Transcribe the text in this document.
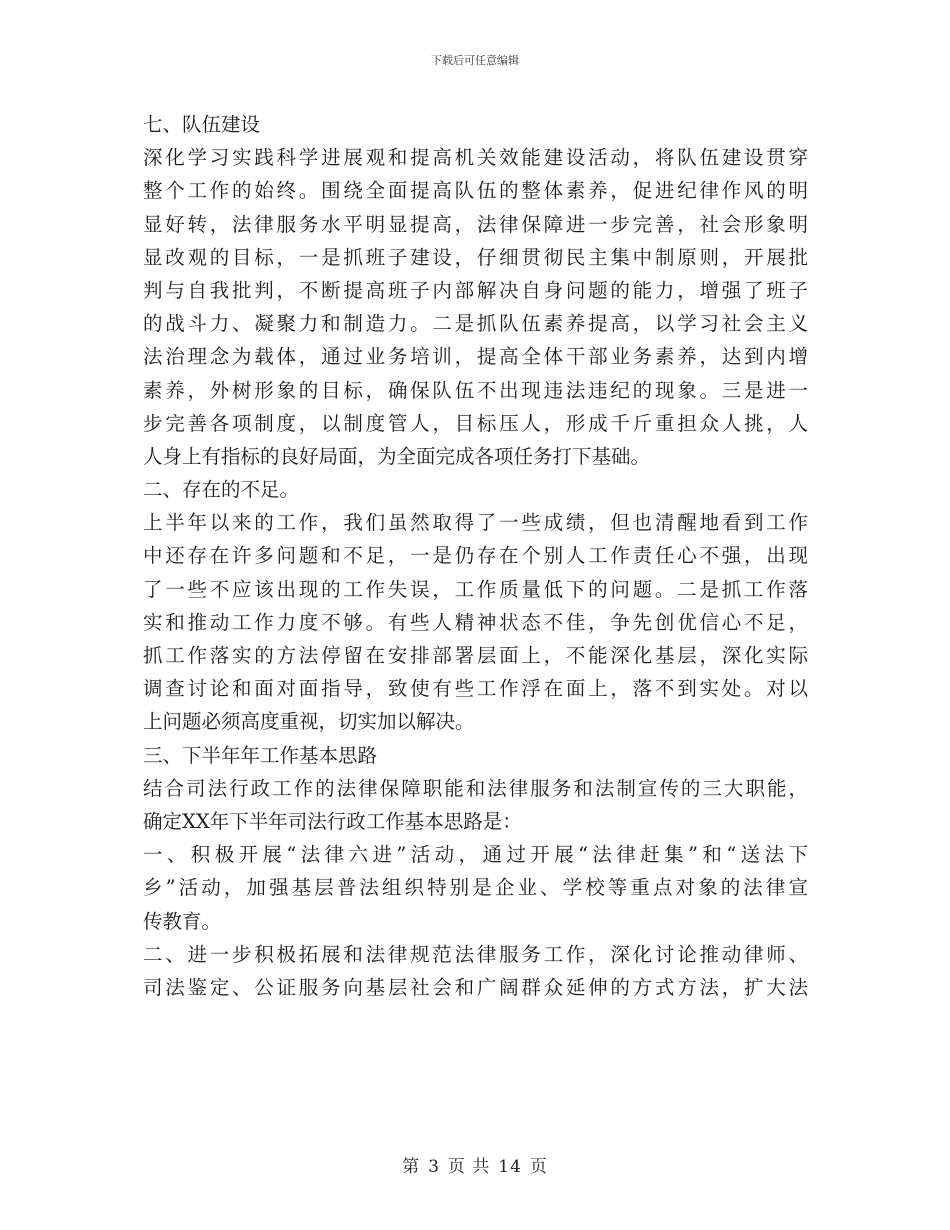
下载后可任意编辑
七、队伍建设
深化学习实践科学进展观和提高机关效能建设活动，将队伍建设贯穿
整个工作的始终。围绕全面提高队伍的整体素养，促进纪律作风的明
显好转，法律服务水平明显提高，法律保障进一步完善，社会形象明
显改观的目标，一是抓班子建设，仔细贯彻民主集中制原则，开展批
判与自我批判，不断提高班子内部解决自身问题的能力，增强了班子
的战斗力、凝聚力和制造力。二是抓队伍素养提高，以学习社会主义
法治理念为载体，通过业务培训，提高全体干部业务素养，达到内增
素养，外树形象的目标，确保队伍不出现违法违纪的现象。三是进一
步完善各项制度，以制度管人，目标压人，形成千斤重担众人挑，人
人身上有指标的良好局面，为全面完成各项任务打下基础。
二、存在的不足。
上半年以来的工作，我们虽然取得了一些成绩，但也清醒地看到工作
中还存在许多问题和不足，一是仍存在个别人工作责任心不强，出现
了一些不应该出现的工作失误，工作质量低下的问题。二是抓工作落
实和推动工作力度不够。有些人精神状态不佳，争先创优信心不足，
抓工作落实的方法停留在安排部署层面上，不能深化基层，深化实际
调查讨论和面对面指导，致使有些工作浮在面上，落不到实处。对以
上问题必须高度重视，切实加以解决。
三、下半年年工作基本思路
结合司法行政工作的法律保障职能和法律服务和法制宣传的三大职能，
确定XX年下半年司法行政工作基本思路是：
一、积极开展“法律六进”活动，通过开展“法律赶集”和“送法下
乡”活动，加强基层普法组织特别是企业、学校等重点对象的法律宣
传教育。
二、进一步积极拓展和法律规范法律服务工作，深化讨论推动律师、
司法鉴定、公证服务向基层社会和广阔群众延伸的方式方法，扩大法
第 3 页 共 14 页
